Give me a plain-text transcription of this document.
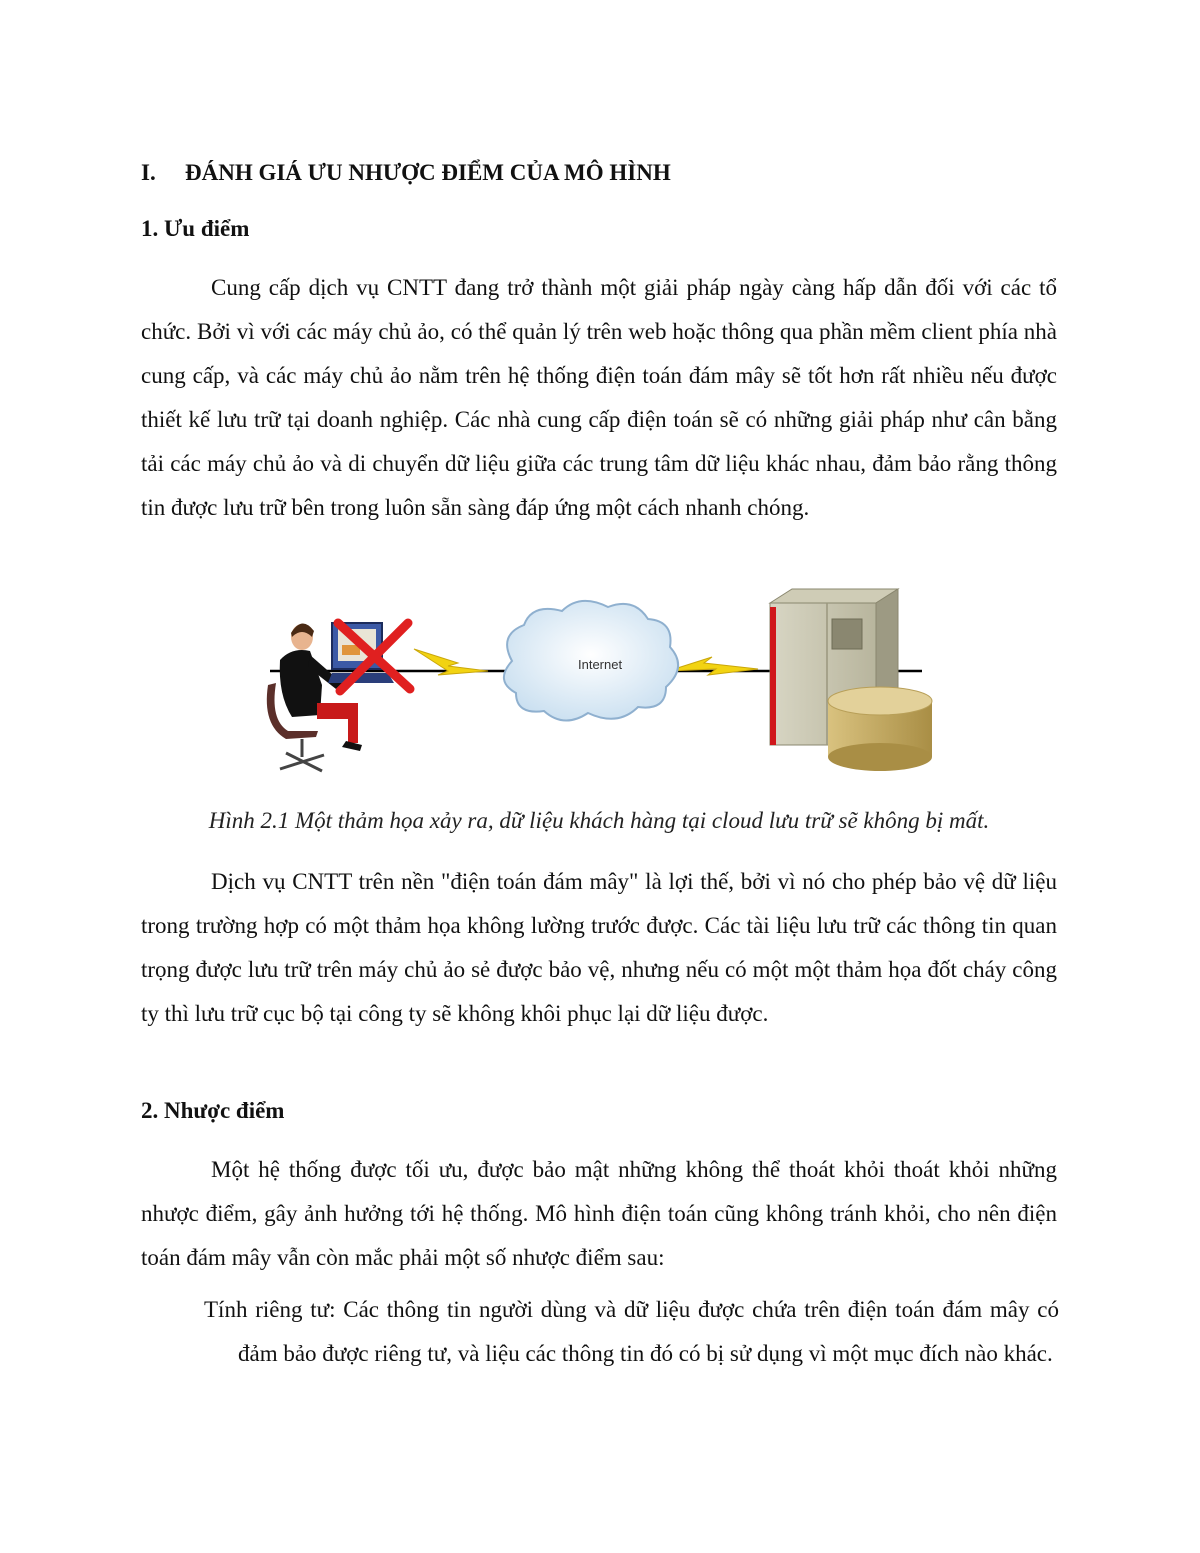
I. ĐÁNH GIÁ ƯU NHƯỢC ĐIỂM CỦA MÔ HÌNH
1. Ưu điểm

Cung cấp dịch vụ CNTT đang trở thành một giải pháp ngày càng hấp dẫn đối với các tổ chức. Bởi vì với các máy chủ ảo, có thể quản lý trên web hoặc thông qua phần mềm client phía nhà cung cấp, và các máy chủ ảo nằm trên hệ thống điện toán đám mây sẽ tốt hơn rất nhiều nếu được thiết kế lưu trữ tại doanh nghiệp. Các nhà cung cấp điện toán sẽ có những giải pháp như cân bằng tải các máy chủ ảo và di chuyển dữ liệu giữa các trung tâm dữ liệu khác nhau, đảm bảo rằng thông tin được lưu trữ bên trong luôn sẵn sàng đáp ứng một cách nhanh chóng.

Internet
Hình 2.1 Một thảm họa xảy ra, dữ liệu khách hàng tại cloud lưu trữ sẽ không bị mất.

Dịch vụ CNTT trên nền "điện toán đám mây" là lợi thế, bởi vì nó cho phép bảo vệ dữ liệu trong trường hợp có một thảm họa không lường trước được. Các tài liệu lưu trữ các thông tin quan trọng được lưu trữ trên máy chủ ảo sẻ được bảo vệ, nhưng nếu có một một thảm họa đốt cháy công ty thì lưu trữ cục bộ tại công ty sẽ không khôi phục lại dữ liệu được.

2. Nhược điểm

Một hệ thống được tối ưu, được bảo mật những không thể thoát khỏi thoát khỏi những nhược điểm, gây ảnh hưởng tới hệ thống. Mô hình điện toán cũng không tránh khỏi, cho nên điện toán đám mây vẫn còn mắc phải một số nhược điểm sau:

Tính riêng tư: Các thông tin người dùng và dữ liệu được chứa trên điện toán đám mây có đảm bảo được riêng tư, và liệu các thông tin đó có bị sử dụng vì một mục đích nào khác.
